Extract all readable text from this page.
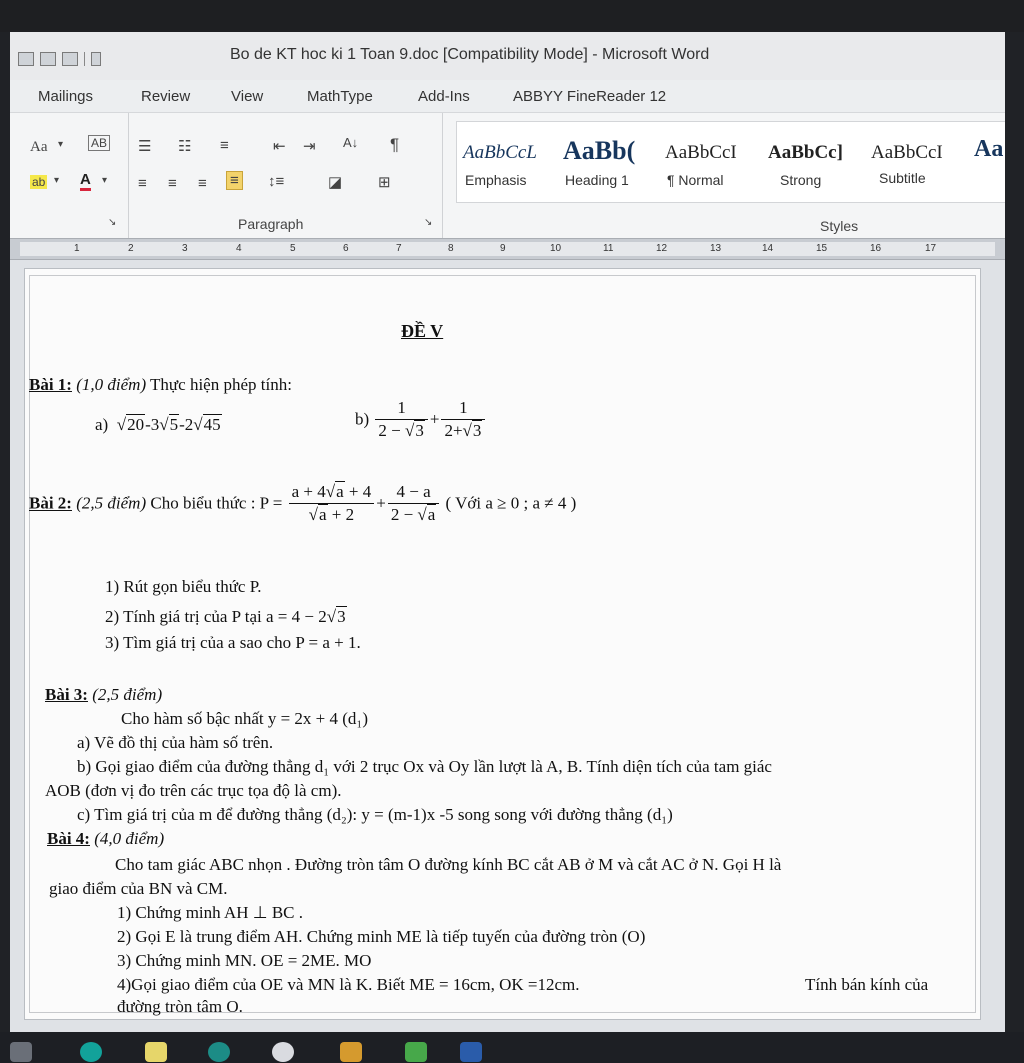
Bo de KT hoc ki 1 Toan 9.doc [Compatibility Mode] - Microsoft Word
Mailings	Review	View	MathType	Add-Ins	ABBYY FineReader 12
Aa ▾ AB
ab ▾ A ▾
↘
☰ ☷ ≡	⇤ ⇥ A↓ ¶
≡ ≡ ≡ ≡ ↕≡	◪ ⊞
Paragraph	↘
AaBbCcL
Emphasis
AaBb(
Heading 1
AaBbCcI
¶ Normal
AaBbCc]
Strong
AaBbCcI
Subtitle
Aa
Styles
1	2	3	4	5	6	7	8	9	10	11	12	13	14	15	16	17
ĐỀ V
Bài 1: (1,0 điểm) Thực hiện phép tính:
a)  √20-3√5-2√45	$b) \frac{1}{2 - √3} + \frac{1}{2+√3}$
Bài 2: (2,5 điểm) Cho biểu thức : $P = \frac{a + 4√a + 4}{√a + 2} + \frac{4 - a}{2 - √a}$ ( Với a ≥ 0 ; a ≠ 4 )
1) Rút gọn biểu thức P.
2) Tính giá trị của P tại a = 4 − 2√3
3) Tìm giá trị của a sao cho P = a + 1.
Bài 3: (2,5 điểm)
Cho hàm số bậc nhất y = 2x + 4 (d₁)
a) Vẽ đồ thị của hàm số trên.
b) Gọi giao điểm của đường thẳng d₁ với 2 trục Ox và Oy lần lượt là A, B. Tính diện tích của tam giác
AOB (đơn vị đo trên các trục tọa độ là cm).
c) Tìm giá trị của m để đường thẳng (d₂): y = (m-1)x -5 song song với đường thẳng (d₁)
Bài 4: (4,0 điểm)
Cho tam giác ABC nhọn . Đường tròn tâm O đường kính BC cắt AB ở M và cắt AC ở N. Gọi H là
giao điểm của BN và CM.
1) Chứng minh AH ⊥ BC .
2) Gọi E là trung điểm AH. Chứng minh ME là tiếp tuyến của đường tròn (O)
3) Chứng minh MN. OE = 2ME. MO
4)Gọi giao điểm của OE và MN là K. Biết ME = 16cm, OK =12cm.	Tính bán kính của
đường tròn tâm O.
